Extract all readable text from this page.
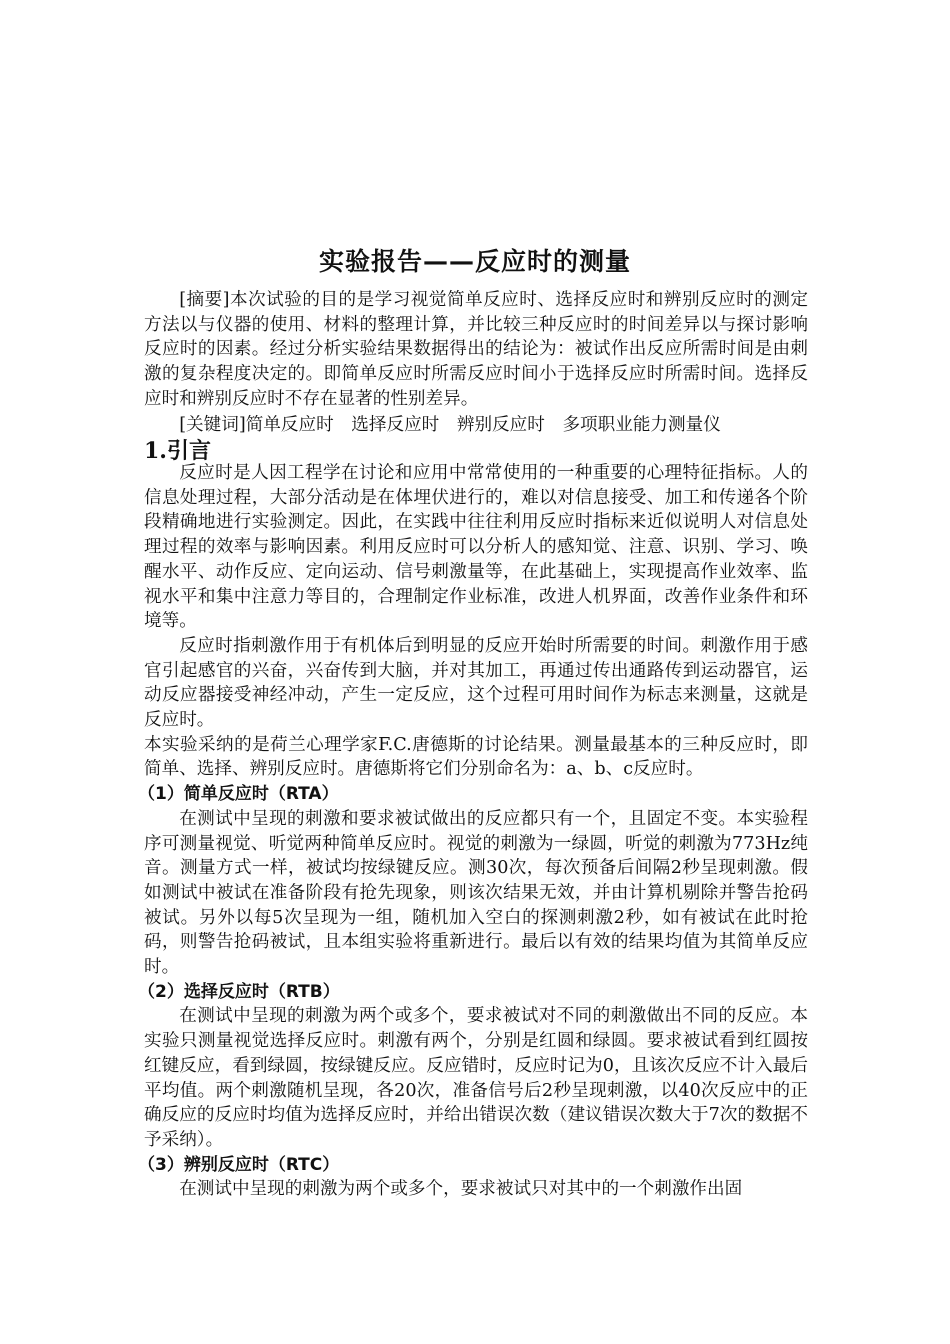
实验报告——反应时的测量

[摘要]本次试验的目的是学习视觉简单反应时、选择反应时和辨别反应时的测定方法以与仪器的使用、材料的整理计算，并比较三种反应时的时间差异以与探讨影响反应时的因素。经过分析实验结果数据得出的结论为：被试作出反应所需时间是由刺激的复杂程度决定的。即简单反应时所需反应时间小于选择反应时所需时间。选择反应时和辨别反应时不存在显著的性别差异。

[关键词]简单反应时 选择反应时 辨别反应时 多项职业能力测量仪

1.引言

反应时是人因工程学在讨论和应用中常常使用的一种重要的心理特征指标。人的信息处理过程，大部分活动是在体埋伏进行的，难以对信息接受、加工和传递各个阶段精确地进行实验测定。因此，在实践中往往利用反应时指标来近似说明人对信息处理过程的效率与影响因素。利用反应时可以分析人的感知觉、注意、识别、学习、唤醒水平、动作反应、定向运动、信号刺激量等，在此基础上，实现提高作业效率、监视水平和集中注意力等目的，合理制定作业标准，改进人机界面，改善作业条件和环境等。

反应时指刺激作用于有机体后到明显的反应开始时所需要的时间。刺激作用于感官引起感官的兴奋，兴奋传到大脑，并对其加工，再通过传出通路传到运动器官，运动反应器接受神经冲动，产生一定反应，这个过程可用时间作为标志来测量，这就是反应时。

本实验采纳的是荷兰心理学家F.C.唐德斯的讨论结果。测量最基本的三种反应时，即简单、选择、辨别反应时。唐德斯将它们分别命名为：a、b、c反应时。

（1）简单反应时（RTA）

在测试中呈现的刺激和要求被试做出的反应都只有一个，且固定不变。本实验程序可测量视觉、听觉两种简单反应时。视觉的刺激为一绿圆，听觉的刺激为773Hz纯音。测量方式一样，被试均按绿键反应。测30次，每次预备后间隔2秒呈现刺激。假如测试中被试在准备阶段有抢先现象，则该次结果无效，并由计算机剔除并警告抢码被试。另外以每5次呈现为一组，随机加入空白的探测刺激2秒，如有被试在此时抢码，则警告抢码被试，且本组实验将重新进行。最后以有效的结果均值为其简单反应时。

（2）选择反应时（RTB）

在测试中呈现的刺激为两个或多个，要求被试对不同的刺激做出不同的反应。本实验只测量视觉选择反应时。刺激有两个，分别是红圆和绿圆。要求被试看到红圆按红键反应，看到绿圆，按绿键反应。反应错时，反应时记为0，且该次反应不计入最后平均值。两个刺激随机呈现，各20次，准备信号后2秒呈现刺激，以40次反应中的正确反应的反应时均值为选择反应时，并给出错误次数（建议错误次数大于7次的数据不予采纳）。

（3）辨别反应时（RTC）

在测试中呈现的刺激为两个或多个，要求被试只对其中的一个刺激作出固
